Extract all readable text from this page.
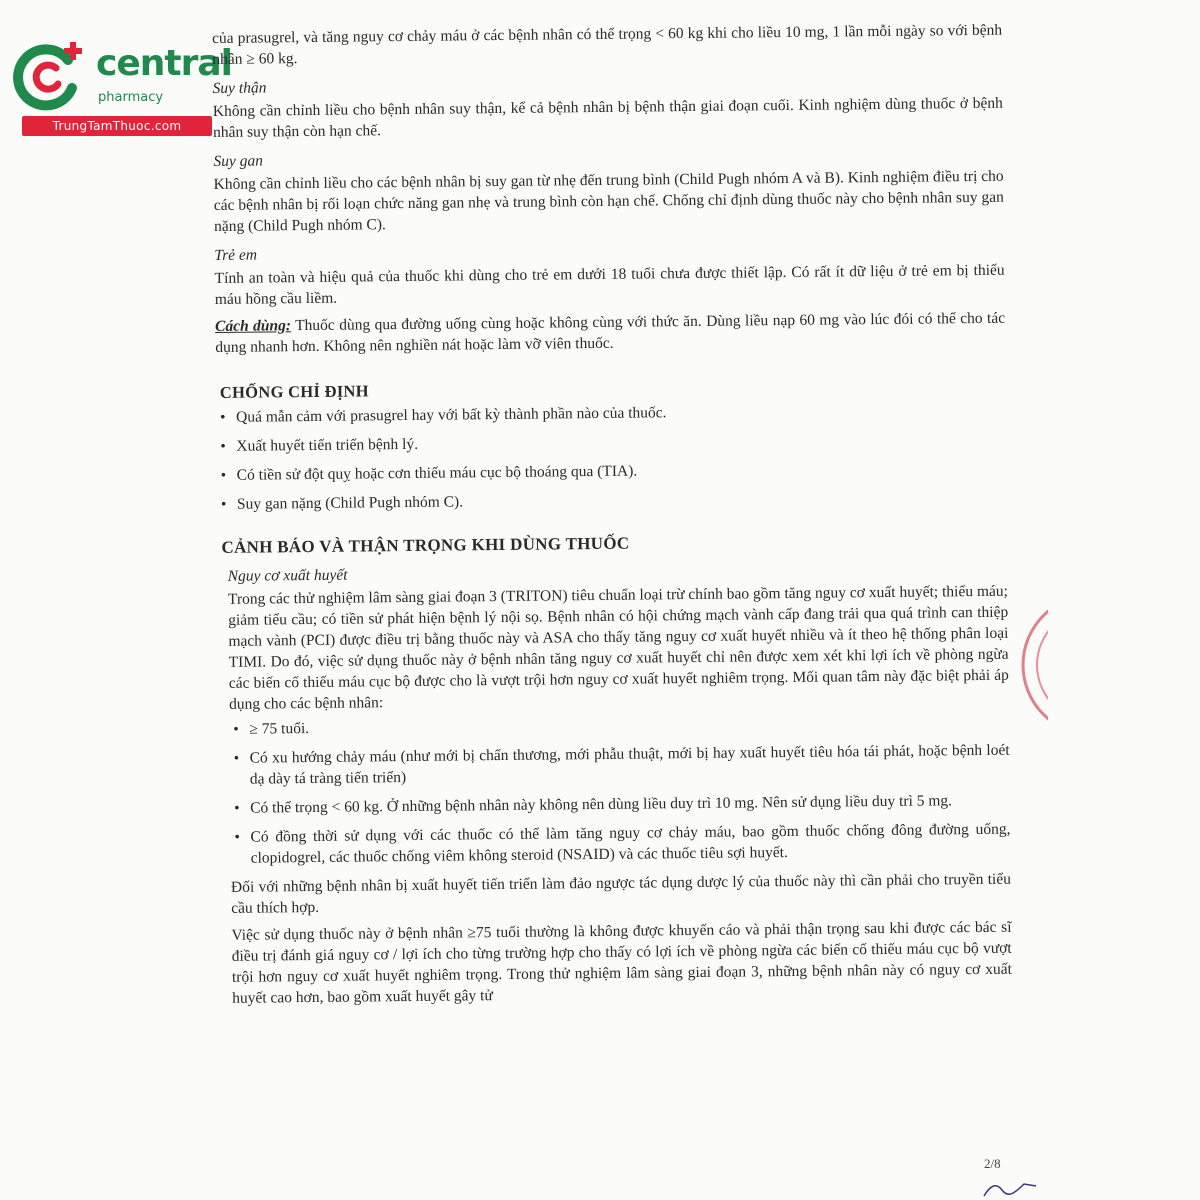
central
pharmacy
TrungTamThuoc.com

của prasugrel, và tăng nguy cơ chảy máu ở các bệnh nhân có thể trọng < 60 kg khi cho liều 10 mg, 1 lần mỗi ngày so với bệnh nhân ≥ 60 kg.

Suy thận

Không cần chỉnh liều cho bệnh nhân suy thận, kể cả bệnh nhân bị bệnh thận giai đoạn cuối. Kinh nghiệm dùng thuốc ở bệnh nhân suy thận còn hạn chế.

Suy gan

Không cần chỉnh liều cho các bệnh nhân bị suy gan từ nhẹ đến trung bình (Child Pugh nhóm A và B). Kinh nghiệm điều trị cho các bệnh nhân bị rối loạn chức năng gan nhẹ và trung bình còn hạn chế. Chống chỉ định dùng thuốc này cho bệnh nhân suy gan nặng (Child Pugh nhóm C).

Trẻ em

Tính an toàn và hiệu quả của thuốc khi dùng cho trẻ em dưới 18 tuổi chưa được thiết lập. Có rất ít dữ liệu ở trẻ em bị thiếu máu hồng cầu liềm.

Cách dùng: Thuốc dùng qua đường uống cùng hoặc không cùng với thức ăn. Dùng liều nạp 60 mg vào lúc đói có thể cho tác dụng nhanh hơn. Không nên nghiền nát hoặc làm vỡ viên thuốc.

CHỐNG CHỈ ĐỊNH
• Quá mẫn cảm với prasugrel hay với bất kỳ thành phần nào của thuốc.
• Xuất huyết tiến triển bệnh lý.
• Có tiền sử đột quỵ hoặc cơn thiếu máu cục bộ thoáng qua (TIA).
• Suy gan nặng (Child Pugh nhóm C).
CẢNH BÁO VÀ THẬN TRỌNG KHI DÙNG THUỐC
Nguy cơ xuất huyết

Trong các thử nghiệm lâm sàng giai đoạn 3 (TRITON) tiêu chuẩn loại trừ chính bao gồm tăng nguy cơ xuất huyết; thiếu máu; giảm tiểu cầu; có tiền sử phát hiện bệnh lý nội sọ. Bệnh nhân có hội chứng mạch vành cấp đang trải qua quá trình can thiệp mạch vành (PCI) được điều trị bằng thuốc này và ASA cho thấy tăng nguy cơ xuất huyết nhiều và ít theo hệ thống phân loại TIMI. Do đó, việc sử dụng thuốc này ở bệnh nhân tăng nguy cơ xuất huyết chỉ nên được xem xét khi lợi ích về phòng ngừa các biến cố thiếu máu cục bộ được cho là vượt trội hơn nguy cơ xuất huyết nghiêm trọng. Mối quan tâm này đặc biệt phải áp dụng cho các bệnh nhân:

• ≥ 75 tuổi.
• Có xu hướng chảy máu (như mới bị chấn thương, mới phẫu thuật, mới bị hay xuất huyết tiêu hóa tái phát, hoặc bệnh loét dạ dày tá tràng tiến triển)
• Có thể trọng < 60 kg. Ở những bệnh nhân này không nên dùng liều duy trì 10 mg. Nên sử dụng liều duy trì 5 mg.
• Có đồng thời sử dụng với các thuốc có thể làm tăng nguy cơ chảy máu, bao gồm thuốc chống đông đường uống, clopidogrel, các thuốc chống viêm không steroid (NSAID) và các thuốc tiêu sợi huyết.

Đối với những bệnh nhân bị xuất huyết tiến triển làm đảo ngược tác dụng dược lý của thuốc này thì cần phải cho truyền tiểu cầu thích hợp.

Việc sử dụng thuốc này ở bệnh nhân ≥75 tuổi thường là không được khuyến cáo và phải thận trọng sau khi được các bác sĩ điều trị đánh giá nguy cơ / lợi ích cho từng trường hợp cho thấy có lợi ích về phòng ngừa các biến cố thiếu máu cục bộ vượt trội hơn nguy cơ xuất huyết nghiêm trọng. Trong thử nghiệm lâm sàng giai đoạn 3, những bệnh nhân này có nguy cơ xuất huyết cao hơn, bao gồm xuất huyết gây tử

2/8
